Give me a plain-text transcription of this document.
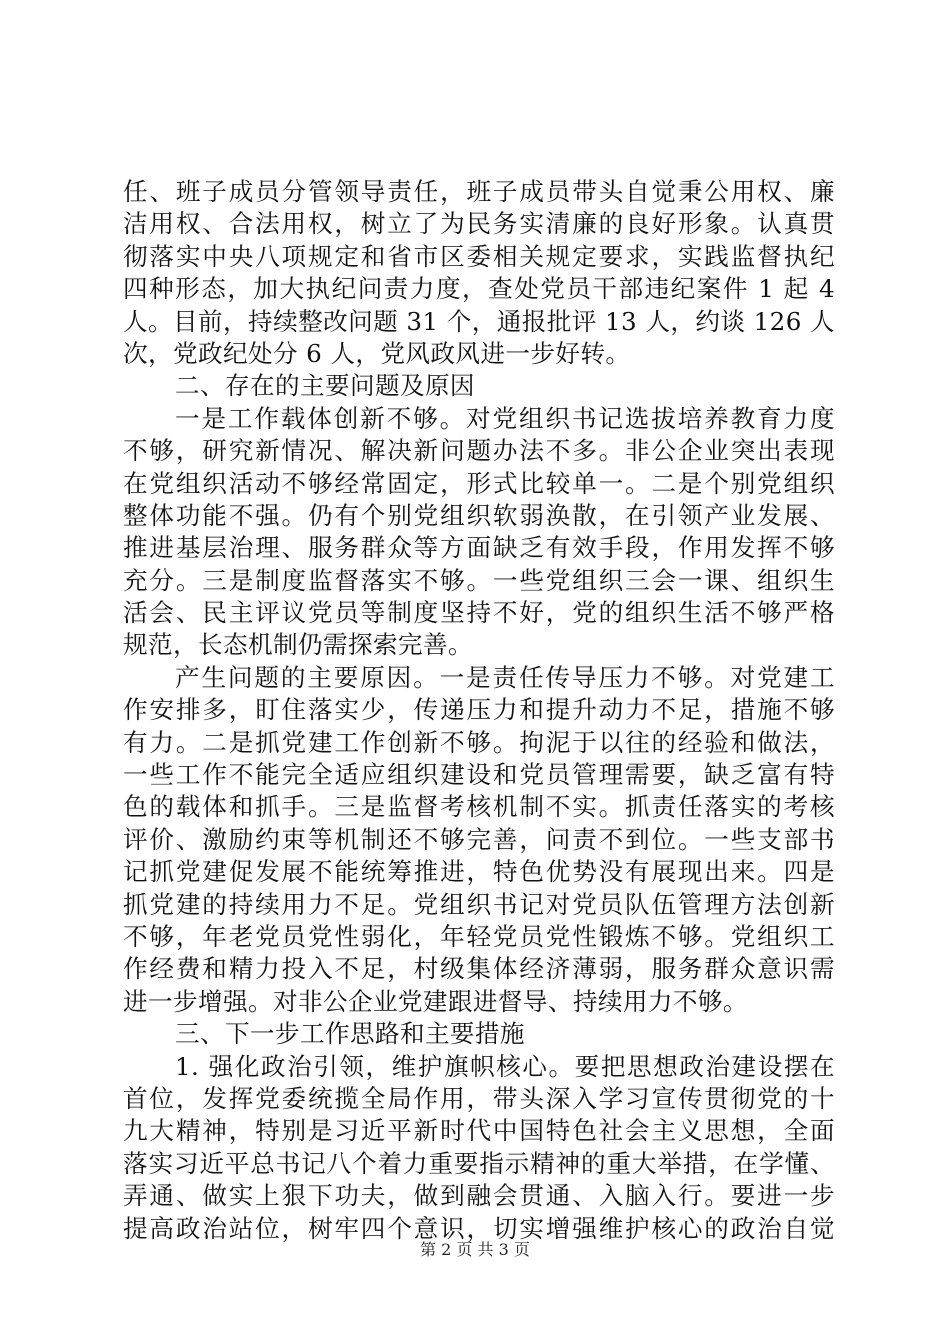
任、班子成员分管领导责任，班子成员带头自觉秉公用权、廉
洁用权、合法用权，树立了为民务实清廉的良好形象。认真贯
彻落实中央八项规定和省市区委相关规定要求，实践监督执纪
四种形态，加大执纪问责力度，查处党员干部违纪案件 1 起 4
人。目前，持续整改问题 31 个，通报批评 13 人，约谈 126 人
次，党政纪处分 6 人，党风政风进一步好转。
二、存在的主要问题及原因
一是工作载体创新不够。对党组织书记选拔培养教育力度
不够，研究新情况、解决新问题办法不多。非公企业突出表现
在党组织活动不够经常固定，形式比较单一。二是个别党组织
整体功能不强。仍有个别党组织软弱涣散，在引领产业发展、
推进基层治理、服务群众等方面缺乏有效手段，作用发挥不够
充分。三是制度监督落实不够。一些党组织三会一课、组织生
活会、民主评议党员等制度坚持不好，党的组织生活不够严格
规范，长态机制仍需探索完善。
产生问题的主要原因。一是责任传导压力不够。对党建工
作安排多，盯住落实少，传递压力和提升动力不足，措施不够
有力。二是抓党建工作创新不够。拘泥于以往的经验和做法，
一些工作不能完全适应组织建设和党员管理需要，缺乏富有特
色的载体和抓手。三是监督考核机制不实。抓责任落实的考核
评价、激励约束等机制还不够完善，问责不到位。一些支部书
记抓党建促发展不能统筹推进，特色优势没有展现出来。四是
抓党建的持续用力不足。党组织书记对党员队伍管理方法创新
不够，年老党员党性弱化，年轻党员党性锻炼不够。党组织工
作经费和精力投入不足，村级集体经济薄弱，服务群众意识需
进一步增强。对非公企业党建跟进督导、持续用力不够。
三、下一步工作思路和主要措施
1. 强化政治引领，维护旗帜核心。要把思想政治建设摆在
首位，发挥党委统揽全局作用，带头深入学习宣传贯彻党的十
九大精神，特别是习近平新时代中国特色社会主义思想，全面
落实习近平总书记八个着力重要指示精神的重大举措，在学懂、
弄通、做实上狠下功夫，做到融会贯通、入脑入行。要进一步
提高政治站位，树牢四个意识，切实增强维护核心的政治自觉
第 2 页 共 3 页
